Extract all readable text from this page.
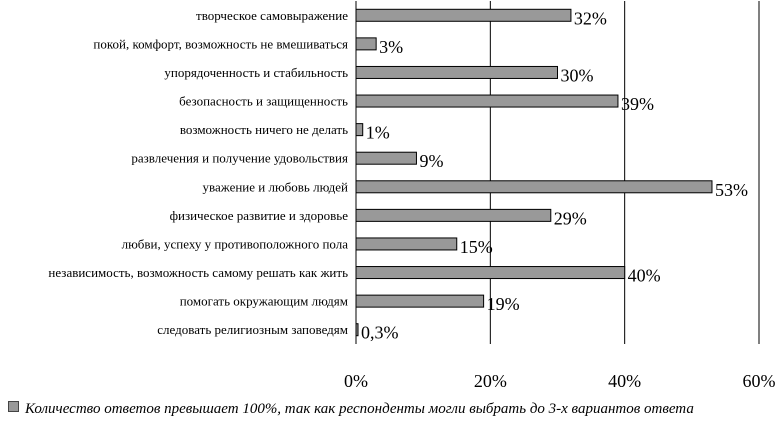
творческое самовыражение
покой, комфорт, возможность не вмешиваться
упорядоченность и стабильность
безопасность и защищенность
возможность ничего не делать
развлечения и получение удовольствия
уважение и любовь людей
физическое развитие и здоровье
любви, успеху у противоположного пола
независимость, возможность самому решать как жить
помогать окружающим людям
следовать религиозным заповедям
32%
3%
30%
39%
1%
9%
53%
29%
15%
40%
19%
0,3%
0%	20%	40%	60%
Количество ответов превышает 100%, так как респонденты могли выбрать до 3-х вариантов ответа
